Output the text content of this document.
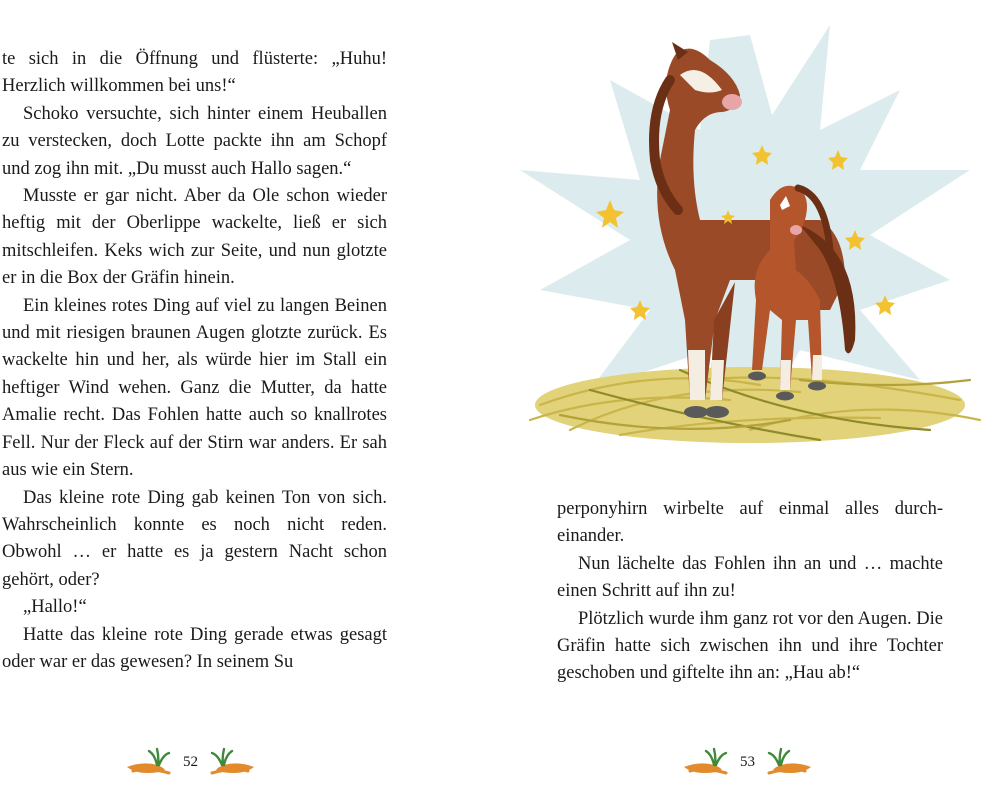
te sich in die Öffnung und flüsterte: „Huhu! Herzlich willkommen bei uns!“

Schoko versuchte, sich hinter einem Heuballen zu verstecken, doch Lotte packte ihn am Schopf und zog ihn mit. „Du musst auch Hallo sagen.“

Musste er gar nicht. Aber da Ole schon wieder heftig mit der Oberlippe wackelte, ließ er sich mitschleifen. Keks wich zur Seite, und nun glotzte er in die Box der Gräfin hinein.

Ein kleines rotes Ding auf viel zu langen Beinen und mit riesigen braunen Augen glotzte zurück. Es wackelte hin und her, als würde hier im Stall ein heftiger Wind wehen. Ganz die Mutter, da hatte Amalie recht. Das Fohlen hatte auch so knallrotes Fell. Nur der Fleck auf der Stirn war anders. Er sah aus wie ein Stern.

Das kleine rote Ding gab keinen Ton von sich. Wahrscheinlich konnte es noch nicht reden. Obwohl … er hatte es ja gestern Nacht schon gehört, oder?

„Hallo!“

Hatte das kleine rote Ding gerade etwas gesagt oder war er das gewesen? In seinem Su

52

perponyhirn wirbelte auf einmal alles durcheinander.

Nun lächelte das Fohlen ihn an und … machte einen Schritt auf ihn zu!

Plötzlich wurde ihm ganz rot vor den Augen. Die Gräfin hatte sich zwischen ihn und ihre Tochter geschoben und giftelte ihn an: „Hau ab!“

53
